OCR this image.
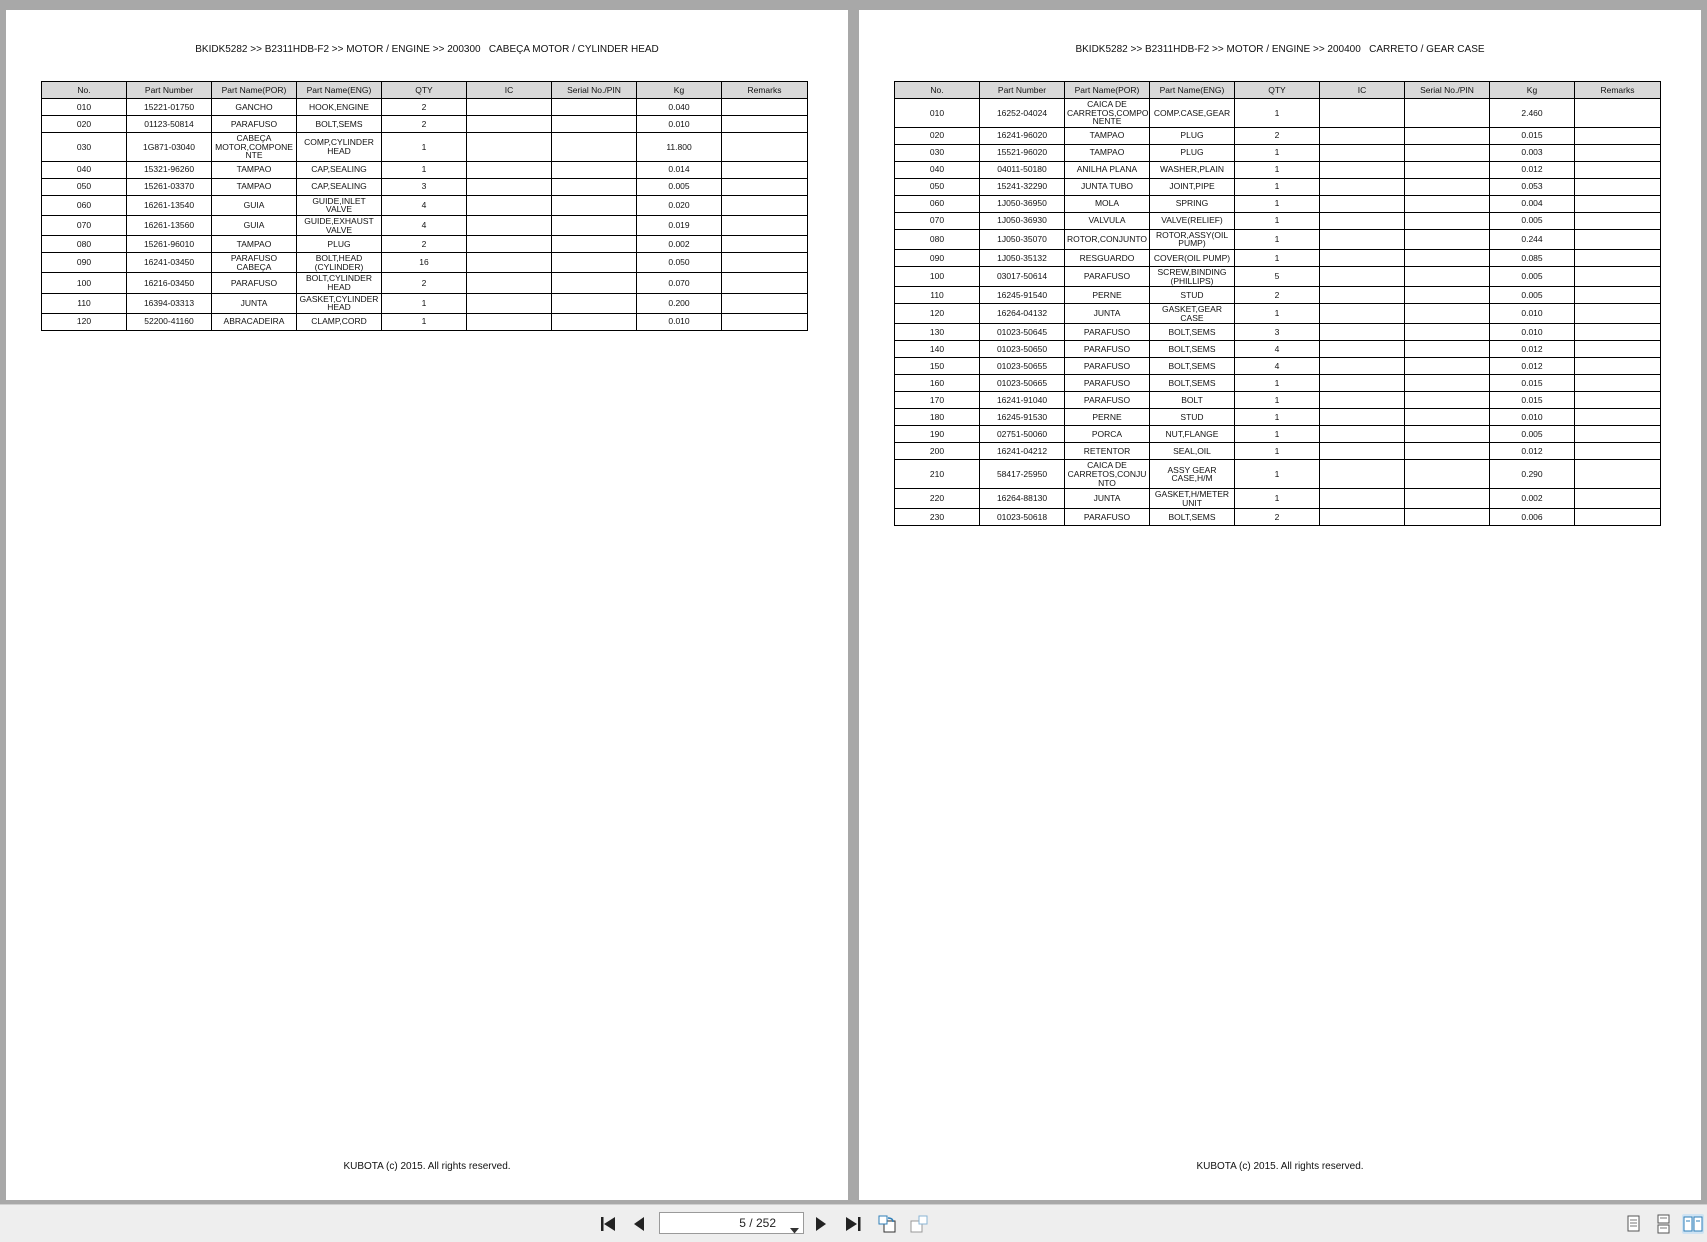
BKIDK5282 >> B2311HDB-F2 >> MOTOR / ENGINE >> 200300   CABEÇA MOTOR / CYLINDER HEAD
No.	Part Number	Part Name(POR)	Part Name(ENG)	QTY	IC	Serial No./PIN	Kg	Remarks
010	15221-01750	GANCHO	HOOK,ENGINE	2			0.040	
020	01123-50814	PARAFUSO	BOLT,SEMS	2			0.010	
030	1G871-03040	CABEÇA MOTOR,COMPONE NTE	COMP,CYLINDER HEAD	1			11.800	
040	15321-96260	TAMPAO	CAP,SEALING	1			0.014	
050	15261-03370	TAMPAO	CAP,SEALING	3			0.005	
060	16261-13540	GUIA	GUIDE,INLET VALVE	4			0.020	
070	16261-13560	GUIA	GUIDE,EXHAUST VALVE	4			0.019	
080	15261-96010	TAMPAO	PLUG	2			0.002	
090	16241-03450	PARAFUSO CABEÇA	BOLT,HEAD (CYLINDER)	16			0.050	
100	16216-03450	PARAFUSO	BOLT,CYLINDER HEAD	2			0.070	
110	16394-03313	JUNTA	GASKET,CYLINDER HEAD	1			0.200	
120	52200-41160	ABRACADEIRA	CLAMP,CORD	1			0.010	
KUBOTA (c) 2015. All rights reserved.
BKIDK5282 >> B2311HDB-F2 >> MOTOR / ENGINE >> 200400   CARRETO / GEAR CASE
No.	Part Number	Part Name(POR)	Part Name(ENG)	QTY	IC	Serial No./PIN	Kg	Remarks
010	16252-04024	CAICA DE CARRETOS,COMPO NENTE	COMP.CASE,GEAR	1			2.460	
020	16241-96020	TAMPAO	PLUG	2			0.015	
030	15521-96020	TAMPAO	PLUG	1			0.003	
040	04011-50180	ANILHA PLANA	WASHER,PLAIN	1			0.012	
050	15241-32290	JUNTA TUBO	JOINT,PIPE	1			0.053	
060	1J050-36950	MOLA	SPRING	1			0.004	
070	1J050-36930	VALVULA	VALVE(RELIEF)	1			0.005	
080	1J050-35070	ROTOR,CONJUNTO	ROTOR,ASSY(OIL PUMP)	1			0.244	
090	1J050-35132	RESGUARDO	COVER(OIL PUMP)	1			0.085	
100	03017-50614	PARAFUSO	SCREW,BINDING (PHILLIPS)	5			0.005	
110	16245-91540	PERNE	STUD	2			0.005	
120	16264-04132	JUNTA	GASKET,GEAR CASE	1			0.010	
130	01023-50645	PARAFUSO	BOLT,SEMS	3			0.010	
140	01023-50650	PARAFUSO	BOLT,SEMS	4			0.012	
150	01023-50655	PARAFUSO	BOLT,SEMS	4			0.012	
160	01023-50665	PARAFUSO	BOLT,SEMS	1			0.015	
170	16241-91040	PARAFUSO	BOLT	1			0.015	
180	16245-91530	PERNE	STUD	1			0.010	
190	02751-50060	PORCA	NUT,FLANGE	1			0.005	
200	16241-04212	RETENTOR	SEAL,OIL	1			0.012	
210	58417-25950	CAICA DE CARRETOS,CONJU NTO	ASSY GEAR CASE,H/M	1			0.290	
220	16264-88130	JUNTA	GASKET,H/METER UNIT	1			0.002	
230	01023-50618	PARAFUSO	BOLT,SEMS	2			0.006	
KUBOTA (c) 2015. All rights reserved.
5 / 252
